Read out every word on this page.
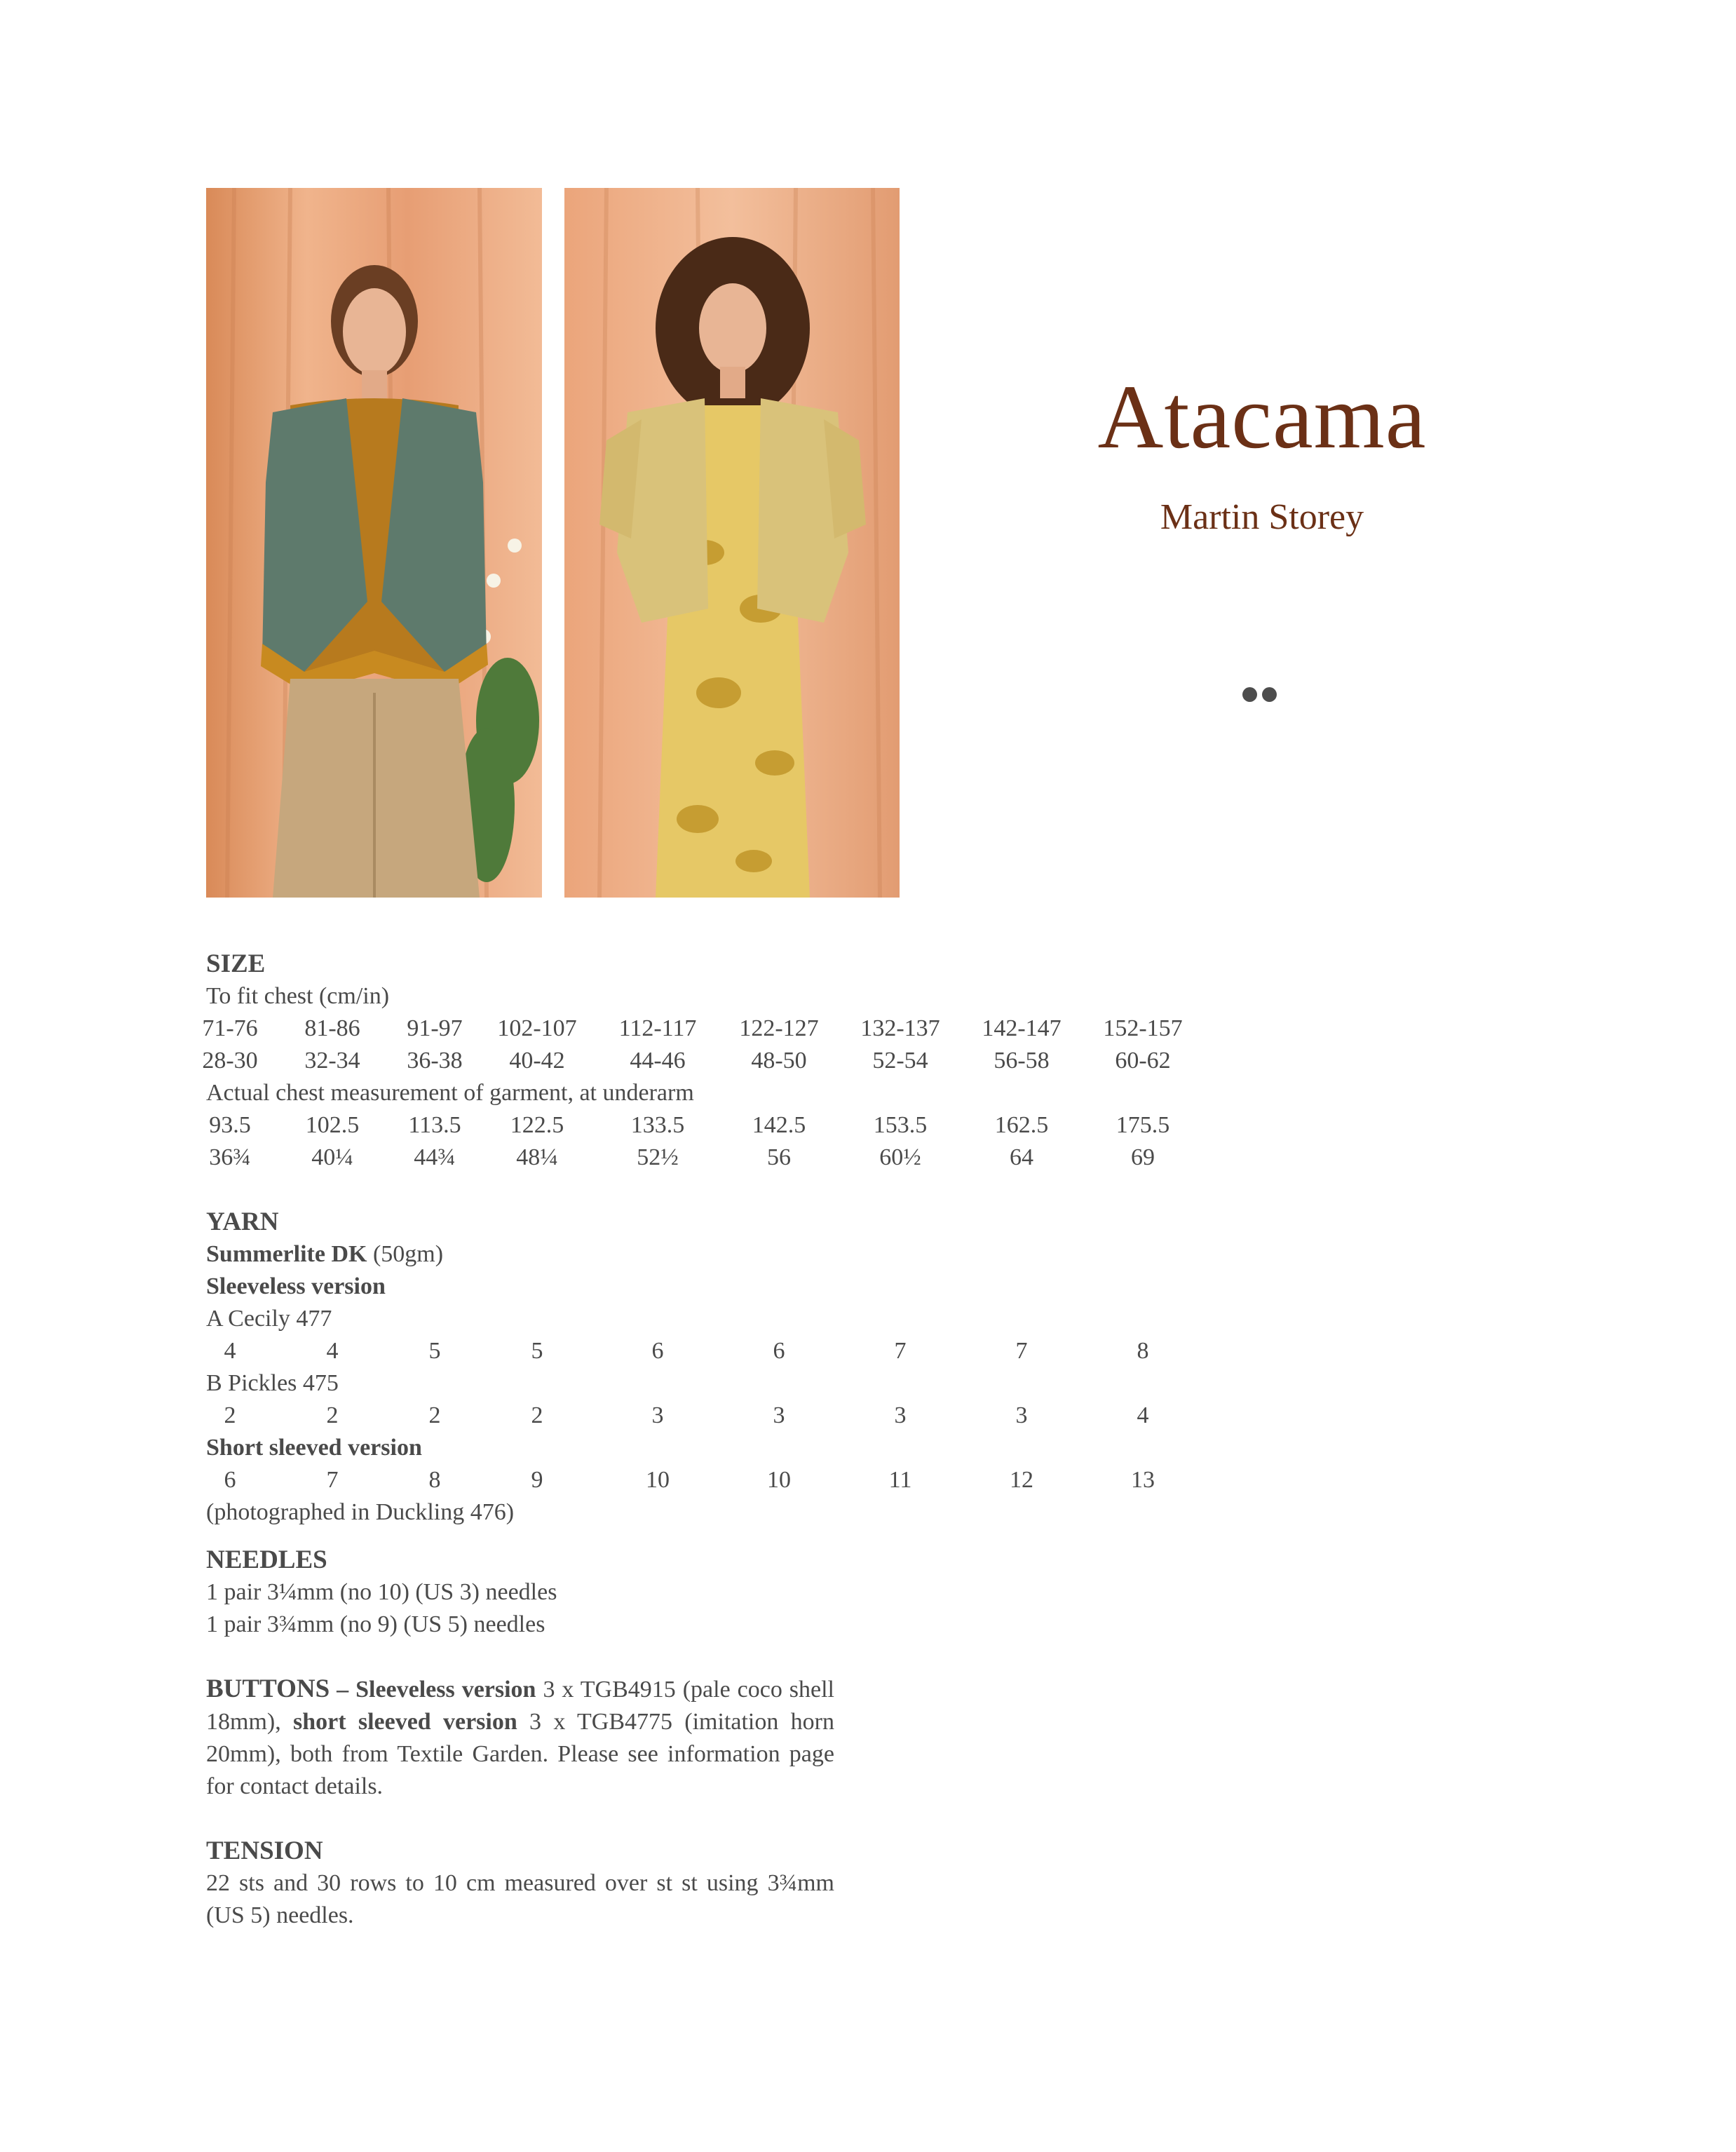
Atacama
Martin Storey
SIZE
To fit chest (cm/in)
71-76	81-86	91-97	102-107	112-117	122-127	132-137	142-147	152-157
28-30	32-34	36-38	40-42	44-46	48-50	52-54	56-58	60-62
Actual chest measurement of garment, at underarm
93.5	102.5	113.5	122.5	133.5	142.5	153.5	162.5	175.5
36¾	40¼	44¾	48¼	52½	56	60½	64	69
YARN
Summerlite DK (50gm)
Sleeveless version
A Cecily 477
4	4	5	5	6	6	7	7	8
B Pickles 475
2	2	2	2	3	3	3	3	4
Short sleeved version
6	7	8	9	10	10	11	12	13
(photographed in Duckling 476)
NEEDLES
1 pair 3¼mm (no 10) (US 3) needles
1 pair 3¾mm (no 9) (US 5) needles
BUTTONS – Sleeveless version 3 x TGB4915 (pale coco shell 18mm), short sleeved version 3 x TGB4775 (imitation horn 20mm), both from Textile Garden. Please see information page for contact details.
TENSION
22 sts and 30 rows to 10 cm measured over st st using 3¾mm (US 5) needles.
